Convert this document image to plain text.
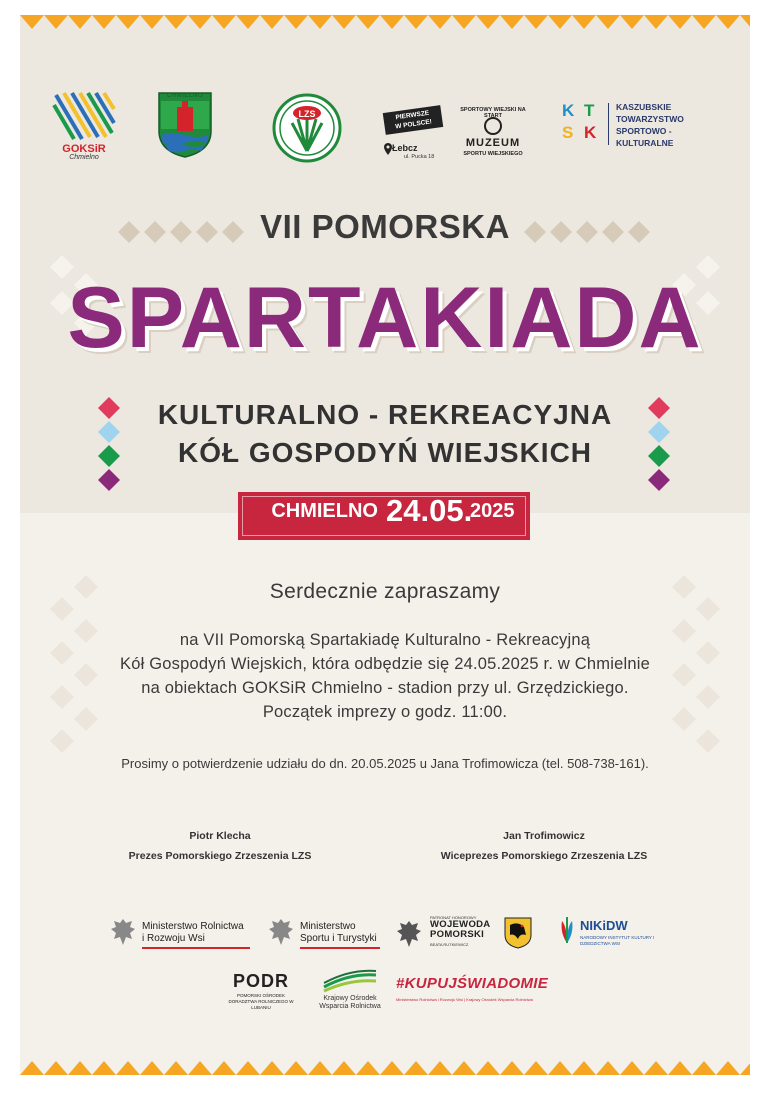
GOKSiR
Chmielno
CHMIELNO
LZS	PIERWSZE
W POLSCE!
Łebcz
ul. Pucka 18
SPORTOWY WIEJSKI NA START
MUZEUM
SPORTU WIEJSKIEGO
K T
S K
KASZUBSKIE
TOWARZYSTWO
SPORTOWO -
KULTURALNE
VII POMORSKA
SPARTAKIADA
KULTURALNO - REKREACYJNA
KÓŁ GOSPODYŃ WIEJSKICH
CHMIELNO 24.05.
2025
Serdecznie zapraszamy
na VII Pomorską Spartakiadę Kulturalno - Rekreacyjną
Kół Gospodyń Wiejskich, która odbędzie się 24.05.2025 r. w Chmielnie
na obiektach GOKSiR Chmielno - stadion przy ul. Grzędzickiego.
Początek imprezy o godz. 11:00.
Prosimy o potwierdzenie udziału do dn. 20.05.2025 u Jana Trofimowicza (tel. 508-738-161).
Piotr Klecha
Prezes Pomorskiego Zrzeszenia LZS
Jan Trofimowicz
Wiceprezes Pomorskiego Zrzeszenia LZS
Ministerstwo Rolnictwa
i Rozwoju Wsi
Ministerstwo
Sportu i Turystyki
PATRONAT HONOROWY
WOJEWODA
POMORSKI
BEATA RUTKIEWICZ
NIKiDW
NARODOWY INSTYTUT KULTURY I DZIEDZICTWA WSI
PODR
POMORSKI OŚRODEK DORADZTWA ROLNICZEGO W LUBANIU
Krajowy Ośrodek
Wsparcia Rolnictwa
#KUPUJŚWIADOMIE
Ministerstwo Rolnictwa i Rozwoju Wsi | Krajowy Ośrodek Wsparcia Rolnictwa
